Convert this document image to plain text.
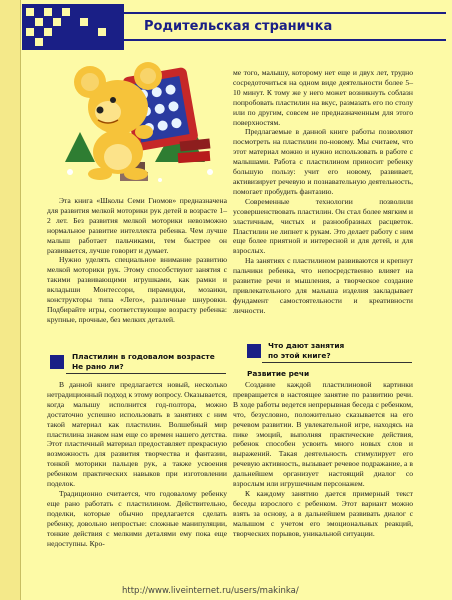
Родительская страничка

Эта книга «Школы Семи Гномов» предназначена для развития мелкой моторики рук детей в возрасте 1–2 лет. Без развития мелкой моторики невозможно нормальное развитие интеллекта ребенка. Чем лучше малыш работает пальчиками, тем быстрее он развивается, лучше говорит и думает.

Нужно уделять специальное внимание развитию мелкой моторики рук. Этому способствуют занятия с такими развивающими игрушками, как рамки и вкладыши Монтессори, пирамидки, мозаики, конструкторы типа «Лего», различные шнуровки. Подбирайте игры, соответствующие возрасту ребенка: крупные, прочные, без мелких деталей.

Пластилин в годовалом возрасте
Не рано ли?

В данной книге предлагается новый, несколько нетрадиционный подход к этому вопросу. Оказывается, когда малышу исполнится год-полтора, можно достаточно успешно использовать в занятиях с ним такой материал как пластилин. Волшебный мир пластилина знаком нам еще со времен нашего детства. Этот пластичный материал предоставляет прекрасную возможность для развития творчества и фантазии, тонкой моторики пальцев рук, а также усвоения ребенком практических навыков при изготовлении поделок.

Традиционно считается, что годовалому ребенку еще рано работать с пластилином. Действительно, поделки, которые обычно предлагается сделать ребенку, довольно непростые: сложные манипуляции, тонкие действия с мелкими деталями ему пока еще недоступны. Кро-

ме того, малышу, которому нет еще и двух лет, трудно сосредоточиться на одном виде деятельности более 5–10 минут. К тому же у него может возникнуть соблазн попробовать пластилин на вкус, размазать его по столу или по другим, совсем не предназначенным для этого поверхностям.

Предлагаемые в данной книге работы позволяют посмотреть на пластилин по-новому. Мы считаем, что этот материал можно и нужно использовать в работе с малышами. Работа с пластилином приносит ребенку большую пользу: учит его новому, развивает, активизирует речевую и познавательную деятельность, помогает пробудить фантазию.

Современные технологии позволили усовершенствовать пластилин. Он стал более мягким и эластичным, чистых и разнообразных расцветок. Пластилин не липнет к рукам. Это делает работу с ним еще более приятной и интересной и для детей, и для взрослых.

На занятиях с пластилином развиваются и крепнут пальчики ребенка, что непосредственно влияет на развитие речи и мышления, а творческое создание привлекательного для малыша изделия закладывает фундамент самостоятельности и креативности личности.

Что дают занятия
по этой книге?
Развитие речи

Создание каждой пластилиновой картинки превращается в настоящее занятие по развитию речи. В ходе работы ведется непрерывная беседа с ребенком, что, безусловно, положительно сказывается на его речевом развитии. В увлекательной игре, находясь на пике эмоций, выполняя практические действия, ребенок способен усвоить много новых слов и выражений. Такая деятельность стимулирует его речевую активность, вызывает речевое подражание, а в дальнейшем организует настоящий диалог со взрослым или игрушечным персонажем.

К каждому занятию дается примерный текст беседы взрослого с ребенком. Этот вариант можно взять за основу, а в дальнейшем развивать диалог с малышом с учетом его эмоциональных реакций, творческих порывов, уникальной ситуации.

http://www.liveinternet.ru/users/makinka/
